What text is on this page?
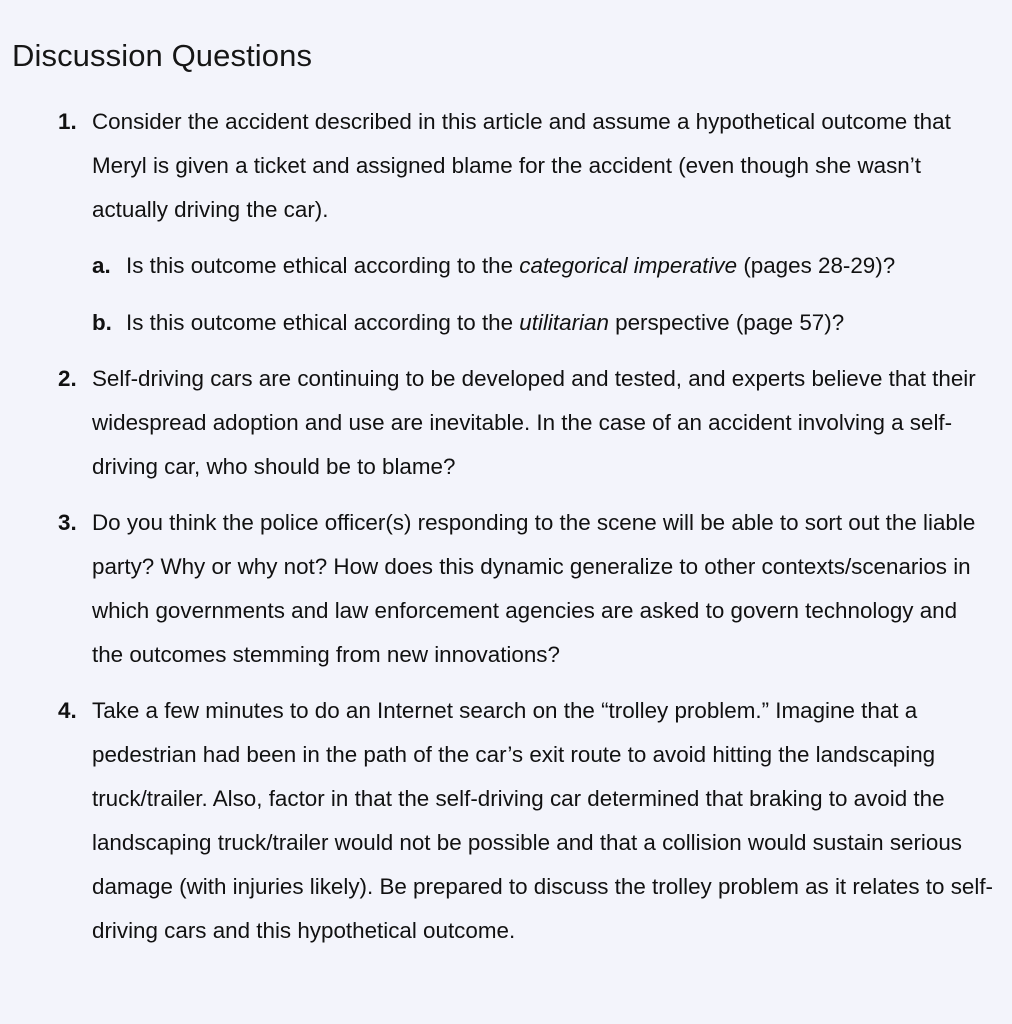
Discussion Questions
1. Consider the accident described in this article and assume a hypothetical outcome that Meryl is given a ticket and assigned blame for the accident (even though she wasn’t actually driving the car).
a. Is this outcome ethical according to the categorical imperative (pages 28-29)?
b. Is this outcome ethical according to the utilitarian perspective (page 57)?
2. Self-driving cars are continuing to be developed and tested, and experts believe that their widespread adoption and use are inevitable. In the case of an accident involving a self-driving car, who should be to blame?
3. Do you think the police officer(s) responding to the scene will be able to sort out the liable party? Why or why not? How does this dynamic generalize to other contexts/scenarios in which governments and law enforcement agencies are asked to govern technology and the outcomes stemming from new innovations?
4. Take a few minutes to do an Internet search on the “trolley problem.” Imagine that a pedestrian had been in the path of the car’s exit route to avoid hitting the landscaping truck/trailer. Also, factor in that the self-driving car determined that braking to avoid the landscaping truck/trailer would not be possible and that a collision would sustain serious damage (with injuries likely). Be prepared to discuss the trolley problem as it relates to self-driving cars and this hypothetical outcome.
